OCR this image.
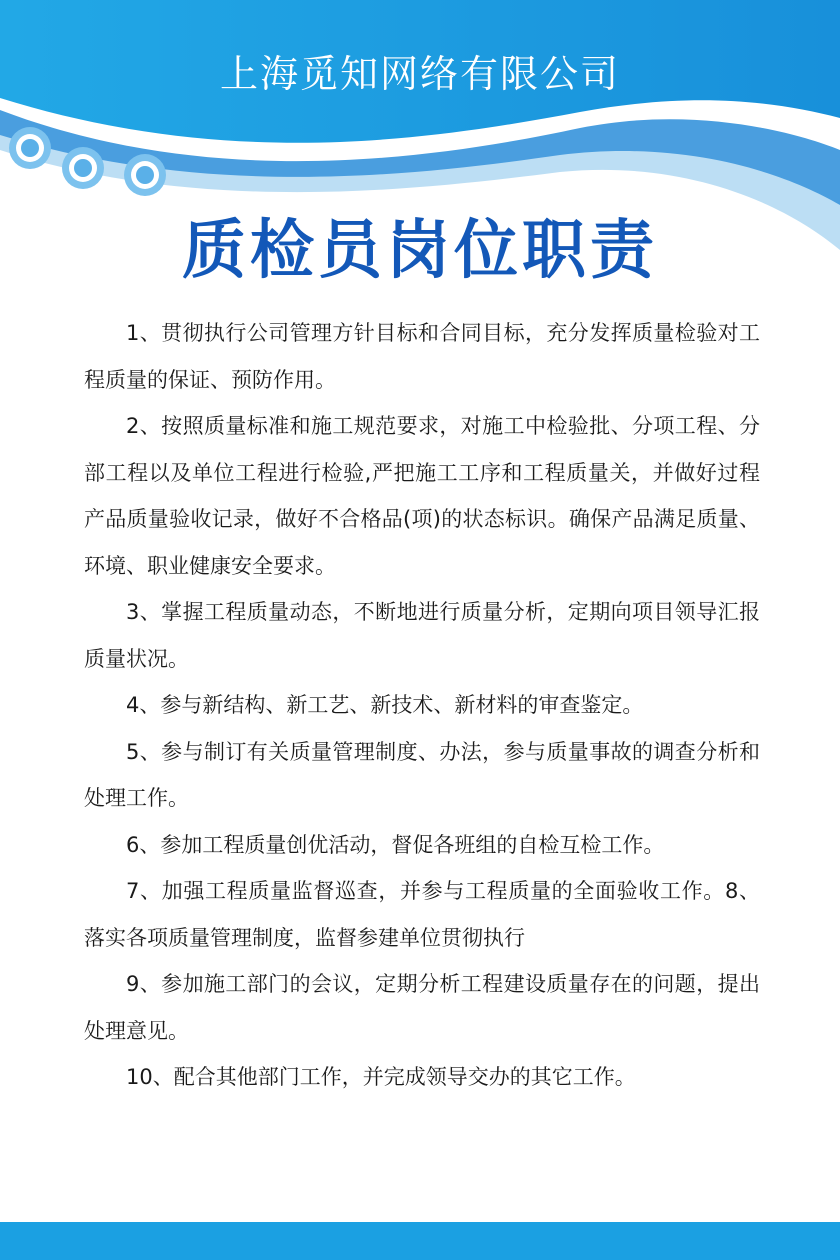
上海觅知网络有限公司
质检员岗位职责

1、贯彻执行公司管理方针目标和合同目标，充分发挥质量检验对工程质量的保证、预防作用。

2、按照质量标准和施工规范要求，对施工中检验批、分项工程、分部工程以及单位工程进行检验,严把施工工序和工程质量关，并做好过程产品质量验收记录，做好不合格品(项)的状态标识。确保产品满足质量、环境、职业健康安全要求。

3、掌握工程质量动态，不断地进行质量分析，定期向项目领导汇报质量状况。

4、参与新结构、新工艺、新技术、新材料的审查鉴定。

5、参与制订有关质量管理制度、办法，参与质量事故的调查分析和处理工作。

6、参加工程质量创优活动，督促各班组的自检互检工作。

7、加强工程质量监督巡查，并参与工程质量的全面验收工作。8、落实各项质量管理制度，监督参建单位贯彻执行

9、参加施工部门的会议，定期分析工程建设质量存在的问题，提出处理意见。

10、配合其他部门工作，并完成领导交办的其它工作。
